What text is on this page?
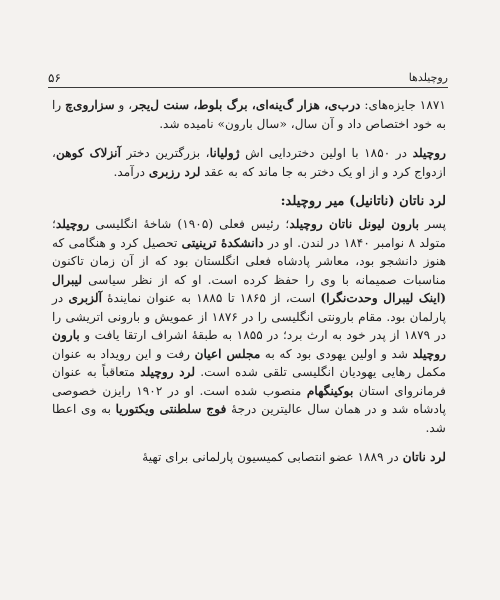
روچیلدها
۵۶

۱۸۷۱ جایزه‌های: درب‌ی، هزار گ‌ینه‌ای، برگ بلوط، سنت ل‌یجر، و سزاروی‌چ را به خود اختصاص داد و آن سال، «سال بارون» نامیده شد.

روچیلد در ۱۸۵۰ با اولین دختردایی اش ژولیانا، بزرگترین دختر آنزلاک کوهن، ازدواج کرد و از او یک دختر به جا ماند که به عقد لرد رزبری درآمد.

لرد ناتان (ناتانیل) میر روچیلد:

پسر بارون لیونل ناتان روچیلد؛ رئیس فعلی (۱۹۰۵) شاخهٔ انگلیسی روچیلد؛ متولد ۸ نوامبر ۱۸۴۰ در لندن. او در دانشکدهٔ ترینیتی تحصیل کرد و هنگامی که هنوز دانشجو بود، معاشر پادشاه فعلی انگلستان بود که از آن زمان تاکنون مناسبات صمیمانه با وی را حفظ کرده است. او که از نظر سیاسی لیبرال (اینک لیبرال وحدت‌نگرا) است، از ۱۸۶۵ تا ۱۸۸۵ به عنوان نمایندهٔ آلزبری در پارلمان بود. مقام بارونتی انگلیسی را در ۱۸۷۶ از عمویش و بارونی اتریشی را در ۱۸۷۹ از پدر خود به ارث برد؛ در ۱۸۵۵ به طبقهٔ اشراف ارتقا یافت و بارون روچیلد شد و اولین یهودی بود که به مجلس اعیان رفت و این رویداد به عنوان مکمل رهایی یهودیان انگلیسی تلقی شده است. لرد روچیلد متعاقباً به عنوان فرمانروای استان بوکینگهام منصوب شده است. او در ۱۹۰۲ رایزن خصوصی پادشاه شد و در همان سال عالیترین درجهٔ فوج سلطنتی ویکتوریا به وی اعطا شد.

لرد ناتان در ۱۸۸۹ عضو انتصابی کمیسیون پارلمانی برای تهیهٔ
